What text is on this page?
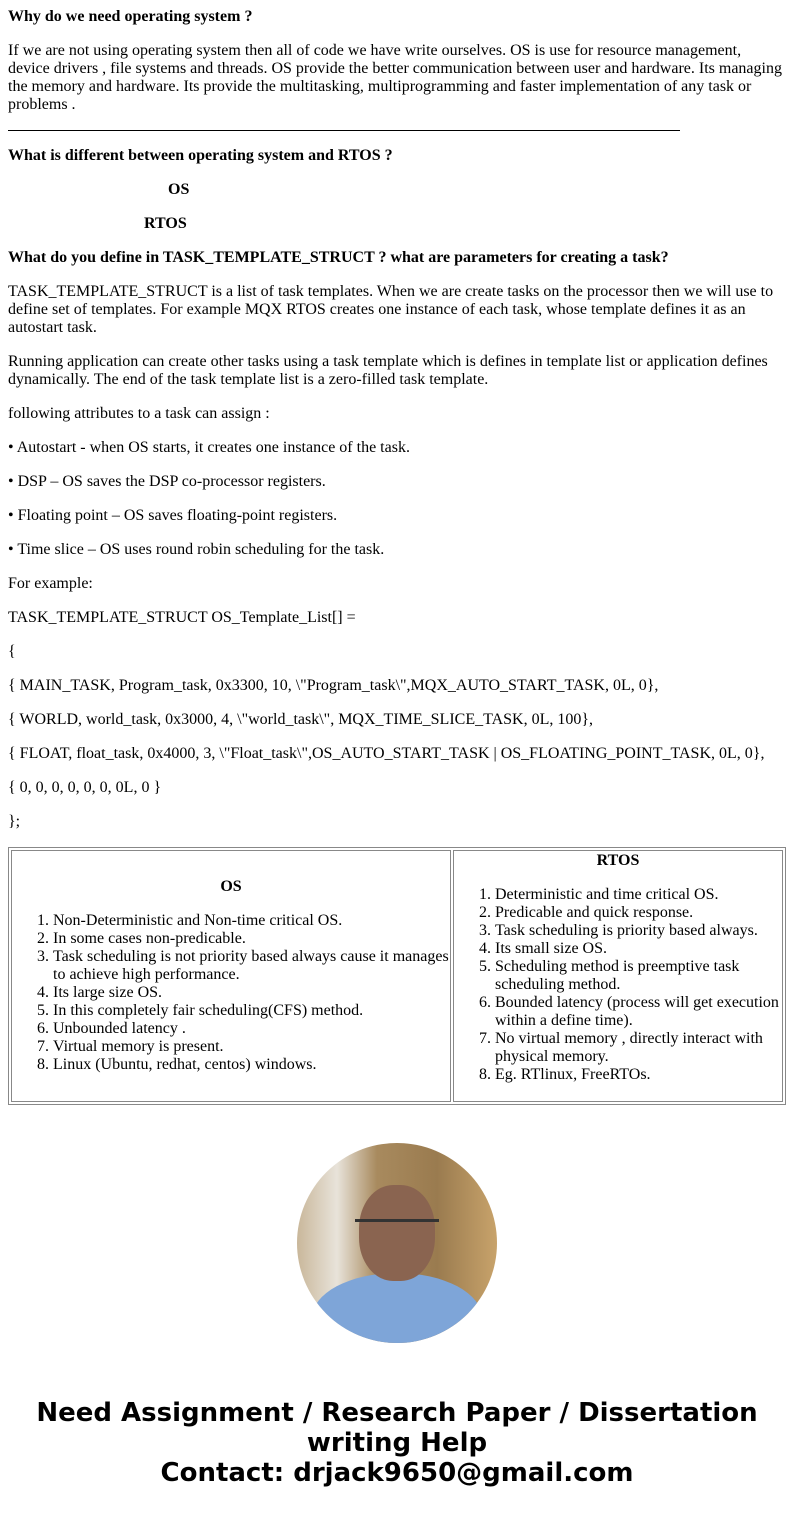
Why do we need operating system ?

If we are not using operating system then all of code we have write ourselves. OS is use for resource management, device drivers , file systems and threads. OS provide the better communication between user and hardware. Its managing the memory and hardware. Its provide the multitasking, multiprogramming and faster implementation of any task or problems .

What is different between operating system and RTOS ?

OS

RTOS

What do you define in TASK_TEMPLATE_STRUCT ? what are parameters for creating a task?

TASK_TEMPLATE_STRUCT is a list of task templates. When we are create tasks on the processor then we will use to define set of templates. For example MQX RTOS creates one instance of each task, whose template defines it as an autostart task.

Running application can create other tasks using a task template which is defines in template list or application defines dynamically. The end of the task template list is a zero-filled task template.

following attributes to a task can assign :

• Autostart - when OS starts, it creates one instance of the task.

• DSP – OS saves the DSP co-processor registers.

• Floating point – OS saves floating-point registers.

• Time slice – OS uses round robin scheduling for the task.

For example:

TASK_TEMPLATE_STRUCT OS_Template_List[] =

{

{ MAIN_TASK, Program_task, 0x3300, 10, \"Program_task\",MQX_AUTO_START_TASK, 0L, 0},

{ WORLD, world_task, 0x3000, 4, \"world_task\", MQX_TIME_SLICE_TASK, 0L, 100},

{ FLOAT, float_task, 0x4000, 3, \"Float_task\",OS_AUTO_START_TASK | OS_FLOATING_POINT_TASK, 0L, 0},

{ 0, 0, 0, 0, 0, 0, 0L, 0 }

};

OS
1. Non-Deterministic and Non-time critical OS.
2. In some cases non-predicable.
3. Task scheduling is not priority based always cause it manages to achieve high performance.
4. Its large size OS.
5. In this completely fair scheduling(CFS) method.
6. Unbounded latency .
7. Virtual memory is present.
8. Linux (Ubuntu, redhat, centos) windows.

RTOS
1. Deterministic and time critical OS.
2. Predicable and quick response.
3. Task scheduling is priority based always.
4. Its small size OS.
5. Scheduling method is preemptive task scheduling method.
6. Bounded latency (process will get execution within a define time).
7. No virtual memory , directly interact with physical memory.
8. Eg. RTlinux, FreeRTOs.
Need Assignment / Research Paper / Dissertation writing Help
Contact: drjack9650@gmail.com
